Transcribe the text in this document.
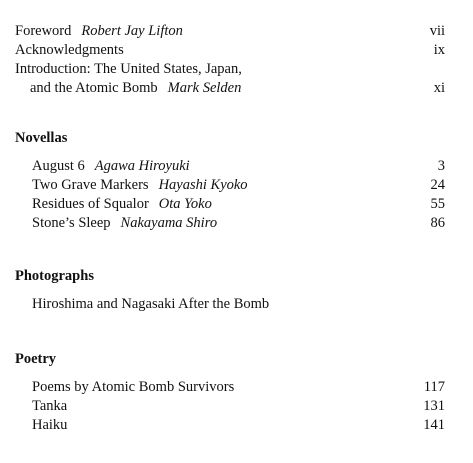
Foreword Robert Jay Lifton	vii
Acknowledgments	ix
Introduction: The United States, Japan,
and the Atomic Bomb Mark Selden	xi
Novellas
August 6 Agawa Hiroyuki	3
Two Grave Markers Hayashi Kyoko	24
Residues of Squalor Ota Yoko	55
Stone’s Sleep Nakayama Shiro	86
Photographs
Hiroshima and Nagasaki After the Bomb
Poetry
Poems by Atomic Bomb Survivors	117
Tanka	131
Haiku	141
